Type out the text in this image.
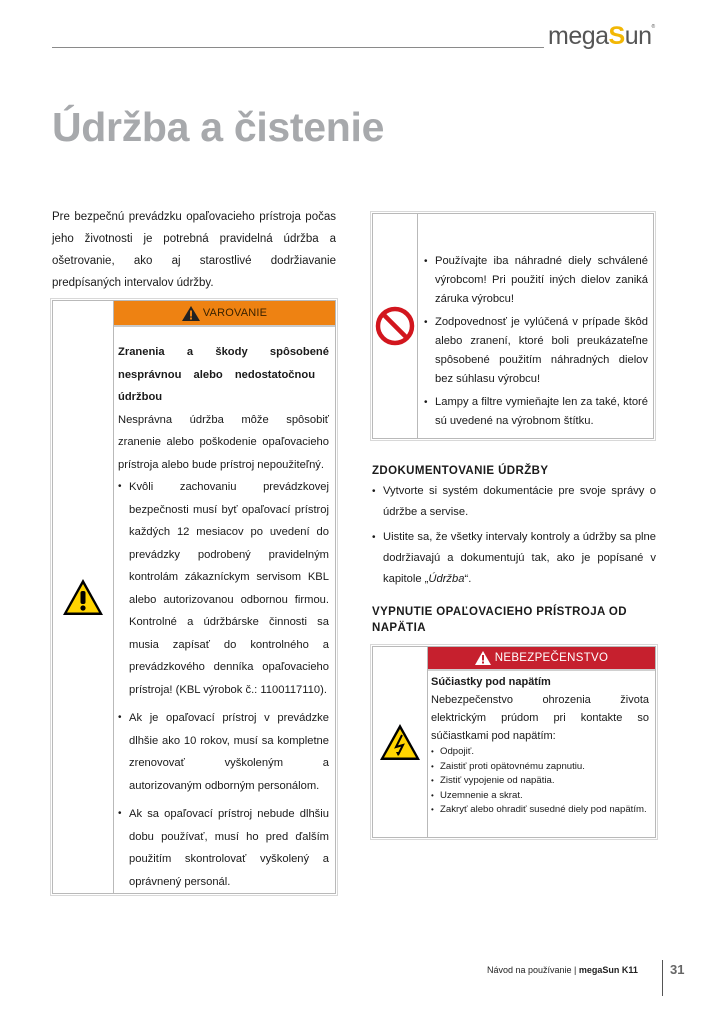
megaSun®
Údržba a čistenie

Pre bezpečnú prevádzku opaľovacieho prístroja počas jeho životnosti je potrebná pravidelná údržba a ošetrovanie, ako aj starostlivé dodržiavanie predpísaných intervalov údržby.

VAROVANIE
Zranenia a škody spôsobené nesprávnou alebo nedostatočnou
údržbou
Nesprávna údržba môže spôsobiť zranenie alebo poškodenie opaľovacieho prístroja alebo bude prístroj nepoužiteľný.
• Kvôli zachovaniu prevádzkovej bezpečnosti musí byť opaľovací prístroj každých 12 mesiacov po uvedení do prevádzky podrobený pravidelným kontrolám zákazníckym servisom KBL alebo autorizovanou odbornou firmou. Kontrolné a údržbárske činnosti sa musia zapísať do kontrolného a prevádzkového denníka opaľovacieho prístroja! (KBL výrobok č.: 1100117110).
• Ak je opaľovací prístroj v prevádzke dlhšie ako 10 rokov, musí sa kompletne zrenovovať vyškoleným a autorizovaným odborným personálom.
• Ak sa opaľovací prístroj nebude dlhšiu dobu používať, musí ho pred ďalším použitím skontrolovať vyškolený a oprávnený personál.
• Používajte iba náhradné diely schválené výrobcom! Pri použití iných dielov zaniká záruka výrobcu!
• Zodpovednosť je vylúčená v prípade škôd alebo zranení, ktoré boli preukázateľne spôsobené použitím náhradných dielov bez súhlasu výrobcu!
• Lampy a filtre vymieňajte len za také, ktoré sú uvedené na výrobnom štítku.
ZDOKUMENTOVANIE ÚDRŽBY
• Vytvorte si systém dokumentácie pre svoje správy o údržbe a servise.
• Uistite sa, že všetky intervaly kontroly a údržby sa plne dodržiavajú a dokumentujú tak, ako je popísané v kapitole „Údržba“.
VYPNUTIE OPAĽOVACIEHO PRÍSTROJA OD NAPÄTIA
NEBEZPEČENSTVO
Súčiastky pod napätím
Nebezpečenstvo ohrozenia života elektrickým prúdom pri kontakte so súčiastkami pod napätím:
• Odpojiť.
• Zaistiť proti opätovnému zapnutiu.
• Zistiť vypojenie od napätia.
• Uzemnenie a skrat.
• Zakryť alebo ohradiť susedné diely pod napätím.
Návod na používanie | megaSun K11 31
